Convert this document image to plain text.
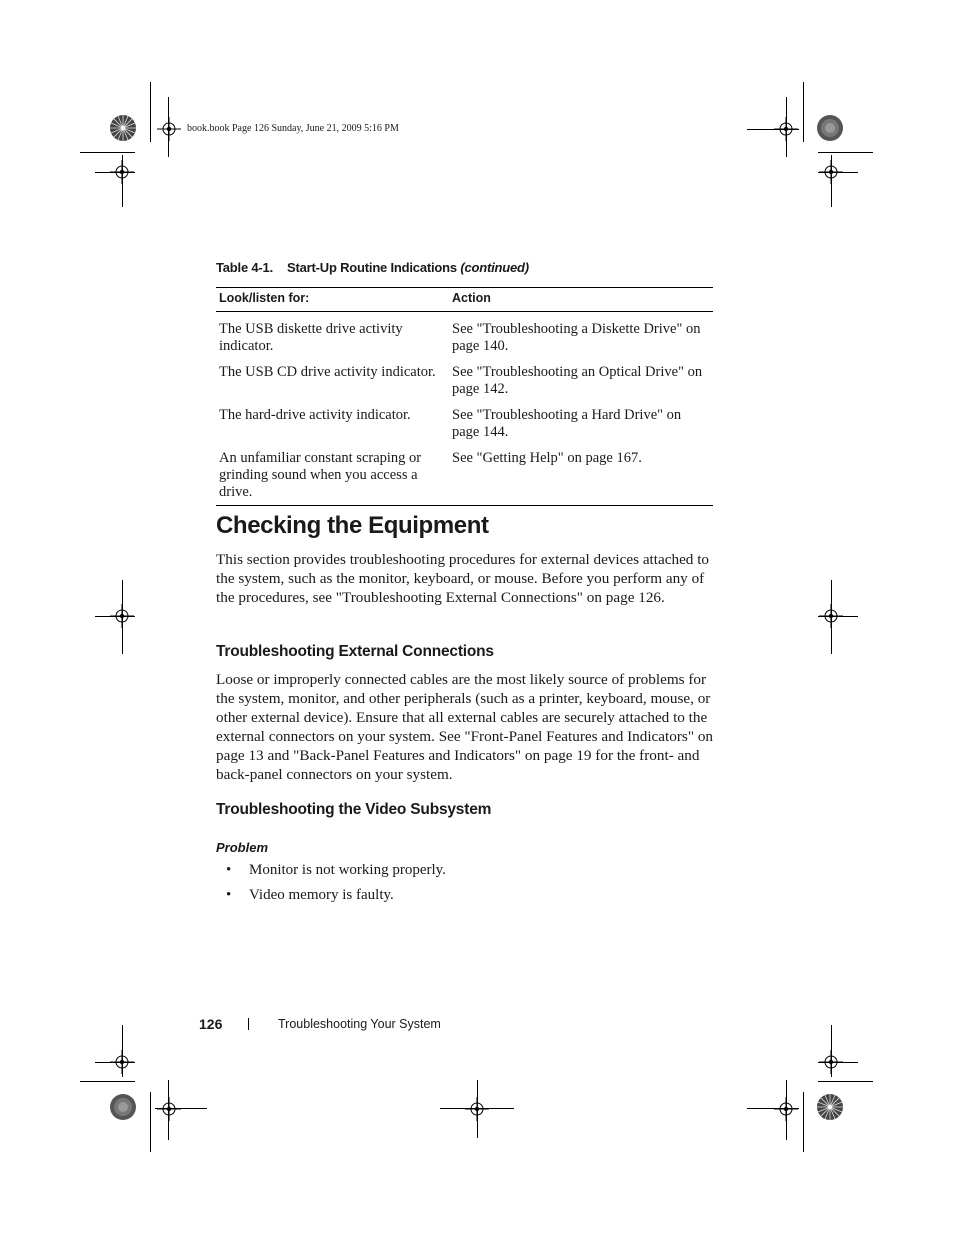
book.book Page 126 Sunday, June 21, 2009 5:16 PM
Table 4-1. Start-Up Routine Indications (continued)
Look/listen for:	Action
The USB diskette drive activity indicator.	See "Troubleshooting a Diskette Drive" on page 140.
The USB CD drive activity indicator.	See "Troubleshooting an Optical Drive" on page 142.
The hard-drive activity indicator.	See "Troubleshooting a Hard Drive" on page 144.
An unfamiliar constant scraping or grinding sound when you access a drive.	See "Getting Help" on page 167.
Checking the Equipment
This section provides troubleshooting procedures for external devices attached to the system, such as the monitor, keyboard, or mouse. Before you perform any of the procedures, see "Troubleshooting External Connections" on page 126.
Troubleshooting External Connections
Loose or improperly connected cables are the most likely source of problems for the system, monitor, and other peripherals (such as a printer, keyboard, mouse, or other external device). Ensure that all external cables are securely attached to the external connectors on your system. See "Front-Panel Features and Indicators" on page 13 and "Back-Panel Features and Indicators" on page 19 for the front- and back-panel connectors on your system.
Troubleshooting the Video Subsystem
Problem
• Monitor is not working properly.
• Video memory is faulty.
126	Troubleshooting Your System
